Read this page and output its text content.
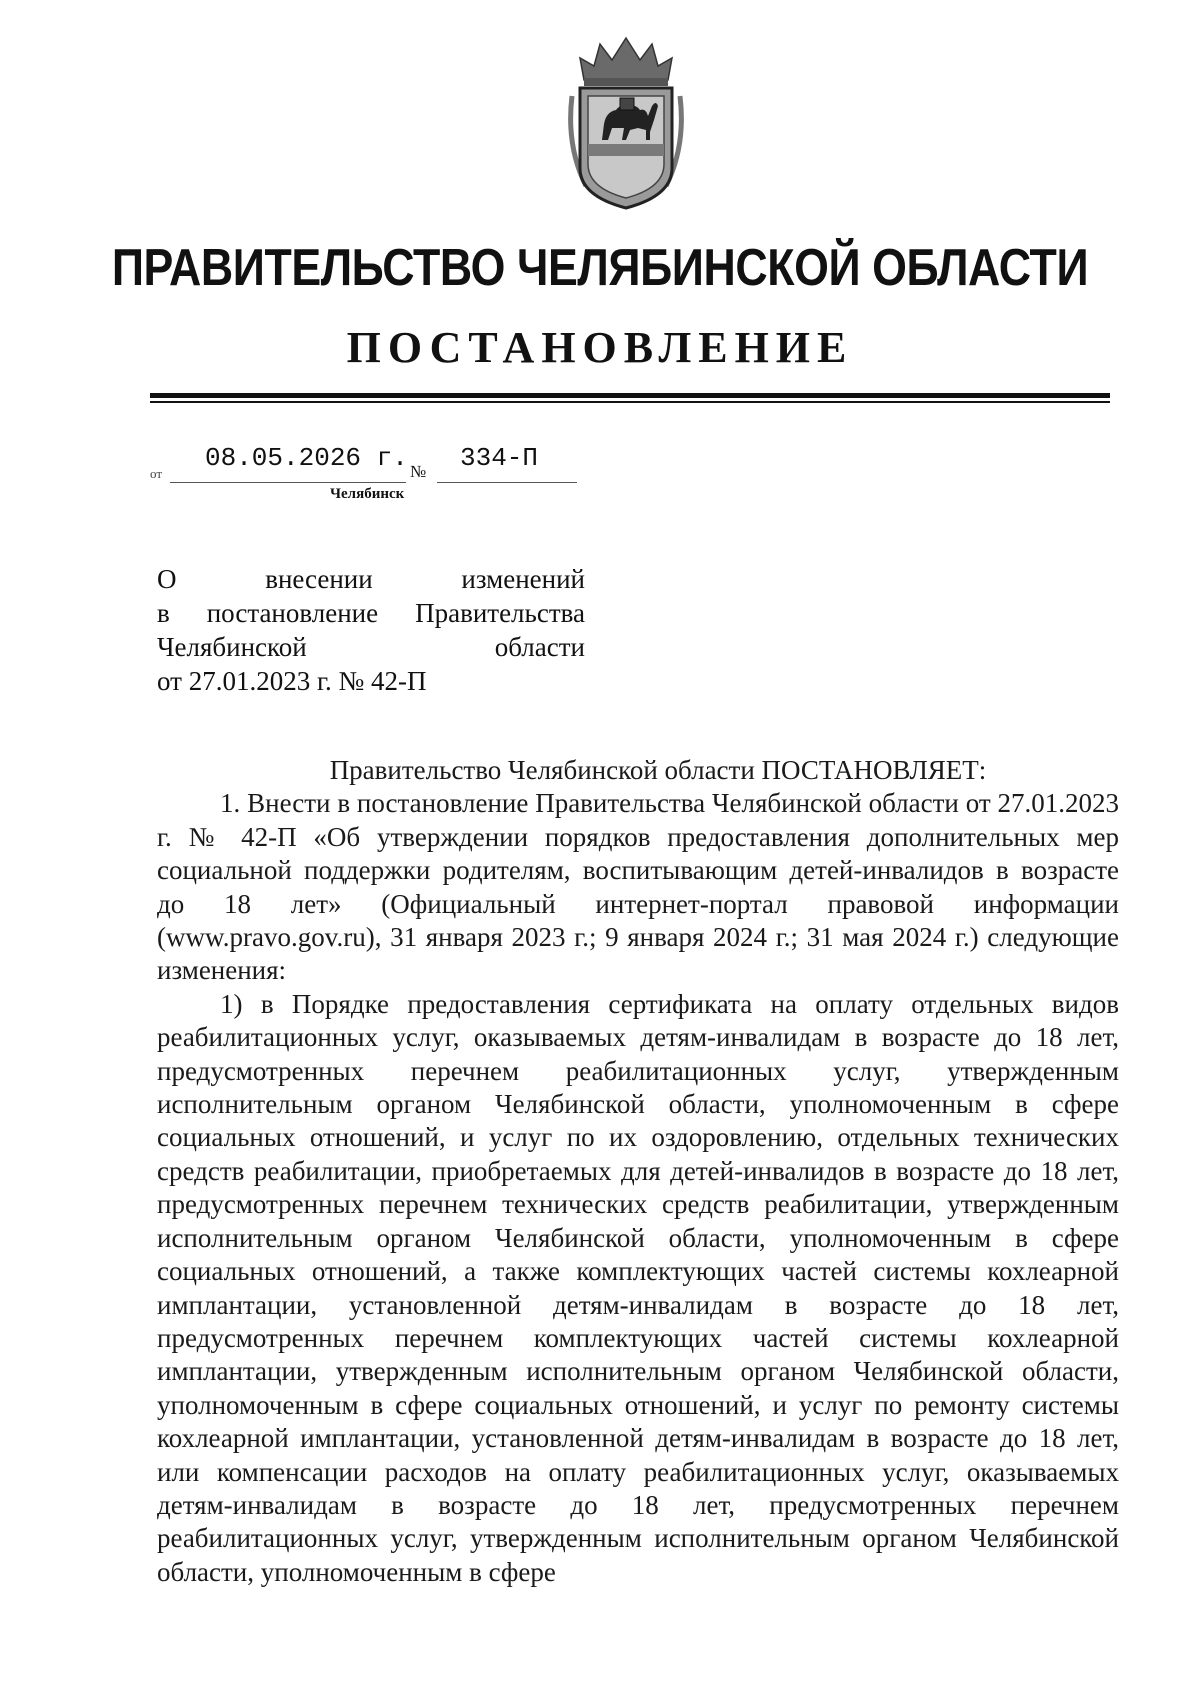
ПРАВИТЕЛЬСТВО ЧЕЛЯБИНСКОЙ ОБЛАСТИ
ПОСТАНОВЛЕНИЕ
от
08.05.2026 г. № 334-П
Челябинск
О внесении изменений
в постановление Правительства
Челябинской области
от 27.01.2023 г. № 42-П
Правительство Челябинской области ПОСТАНОВЛЯЕТ:

1. Внести в постановление Правительства Челябинской области от 27.01.2023 г. № 42-П «Об утверждении порядков предоставления дополнительных мер социальной поддержки родителям, воспитывающим детей-инвалидов в возрасте до 18 лет» (Официальный интернет-портал правовой информации (www.pravo.gov.ru), 31 января 2023 г.; 9 января 2024 г.; 31 мая 2024 г.) следующие изменения:

1) в Порядке предоставления сертификата на оплату отдельных видов реабилитационных услуг, оказываемых детям-инвалидам в возрасте до 18 лет, предусмотренных перечнем реабилитационных услуг, утвержденным исполнительным органом Челябинской области, уполномоченным в сфере социальных отношений, и услуг по их оздоровлению, отдельных технических средств реабилитации, приобретаемых для детей-инвалидов в возрасте до 18 лет, предусмотренных перечнем технических средств реабилитации, утвержденным исполнительным органом Челябинской области, уполномоченным в сфере социальных отношений, а также комплектующих частей системы кохлеарной имплантации, установленной детям-инвалидам в возрасте до 18 лет, предусмотренных перечнем комплектующих частей системы кохлеарной имплантации, утвержденным исполнительным органом Челябинской области, уполномоченным в сфере социальных отношений, и услуг по ремонту системы кохлеарной имплантации, установленной детям-инвалидам в возрасте до 18 лет, или компенсации расходов на оплату реабилитационных услуг, оказываемых детям-инвалидам в возрасте до 18 лет, предусмотренных перечнем реабилитационных услуг, утвержденным исполнительным органом Челябинской области, уполномоченным в сфере
